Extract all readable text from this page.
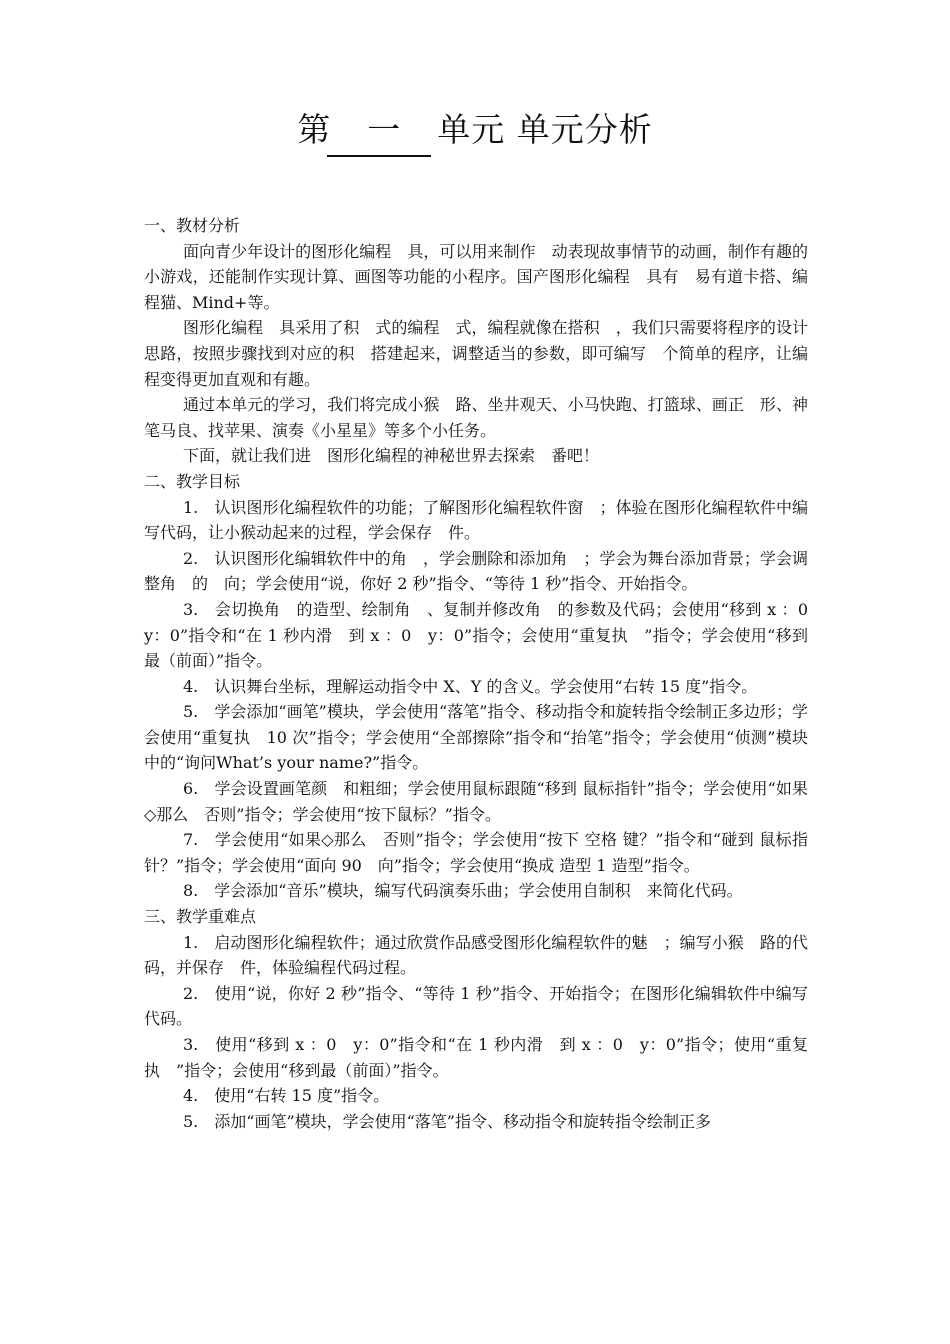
第 一 单元 单元分析
一、教材分析

面向青少年设计的图形化编程　具，可以用来制作　动表现故事情节的动画，制作有趣的小游戏，还能制作实现计算、画图等功能的小程序。国产图形化编程　具有　易有道卡搭、编程猫、Mind+等。

图形化编程　具采用了积　式的编程　式，编程就像在搭积　，我们只需要将程序的设计思路，按照步骤找到对应的积　搭建起来，调整适当的参数，即可编写　个简单的程序，让编程变得更加直观和有趣。

通过本单元的学习，我们将完成小猴　路、坐井观天、小马快跑、打篮球、画正　形、神笔马良、找苹果、演奏《小星星》等多个小任务。

下面，就让我们进　图形化编程的神秘世界去探索　番吧！

二、教学目标

1.　认识图形化编程软件的功能；了解图形化编程软件窗　；体验在图形化编程软件中编写代码，让小猴动起来的过程，学会保存　件。

2.　认识图形化编辑软件中的角　，学会删除和添加角　；学会为舞台添加背景；学会调整角　的　向；学会使用“说，你好 2 秒”指令、“等待 1 秒”指令、开始指令。

3.　会切换角　的造型、绘制角　、复制并修改角　的参数及代码；会使用“移到 x ：0　y：0”指令和“在 1 秒内滑　到 x ：0　y：0”指令；会使用“重复执　”指令；学会使用“移到最（前面）”指令。

4.　认识舞台坐标，理解运动指令中 X、Y 的含义。学会使用“右转 15 度”指令。

5.　学会添加“画笔”模块，学会使用“落笔”指令、移动指令和旋转指令绘制正多边形；学会使用“重复执　10 次”指令；学会使用“全部擦除”指令和“抬笔”指令；学会使用“侦测”模块中的“询问What’s your name?”指令。

6.　学会设置画笔颜　和粗细；学会使用鼠标跟随“移到 鼠标指针”指令；学会使用“如果◇那么　否则”指令；学会使用“按下鼠标？”指令。

7.　学会使用“如果◇那么　否则”指令；学会使用“按下 空格 键？”指令和“碰到 鼠标指针？”指令；学会使用“面向 90　向”指令；学会使用“换成 造型 1 造型”指令。

8.　学会添加“音乐”模块，编写代码演奏乐曲；学会使用自制积　来简化代码。

三、教学重难点

1.　启动图形化编程软件；通过欣赏作品感受图形化编程软件的魅　；编写小猴　路的代码，并保存　件，体验编程代码过程。

2.　使用“说，你好 2 秒”指令、“等待 1 秒”指令、开始指令；在图形化编辑软件中编写代码。

3.　使用“移到 x ：0　y：0”指令和“在 1 秒内滑　到 x ：0　y：0”指令；使用“重复执　”指令；会使用“移到最（前面）”指令。

4.　使用“右转 15 度”指令。

5.　添加“画笔”模块，学会使用“落笔”指令、移动指令和旋转指令绘制正多
